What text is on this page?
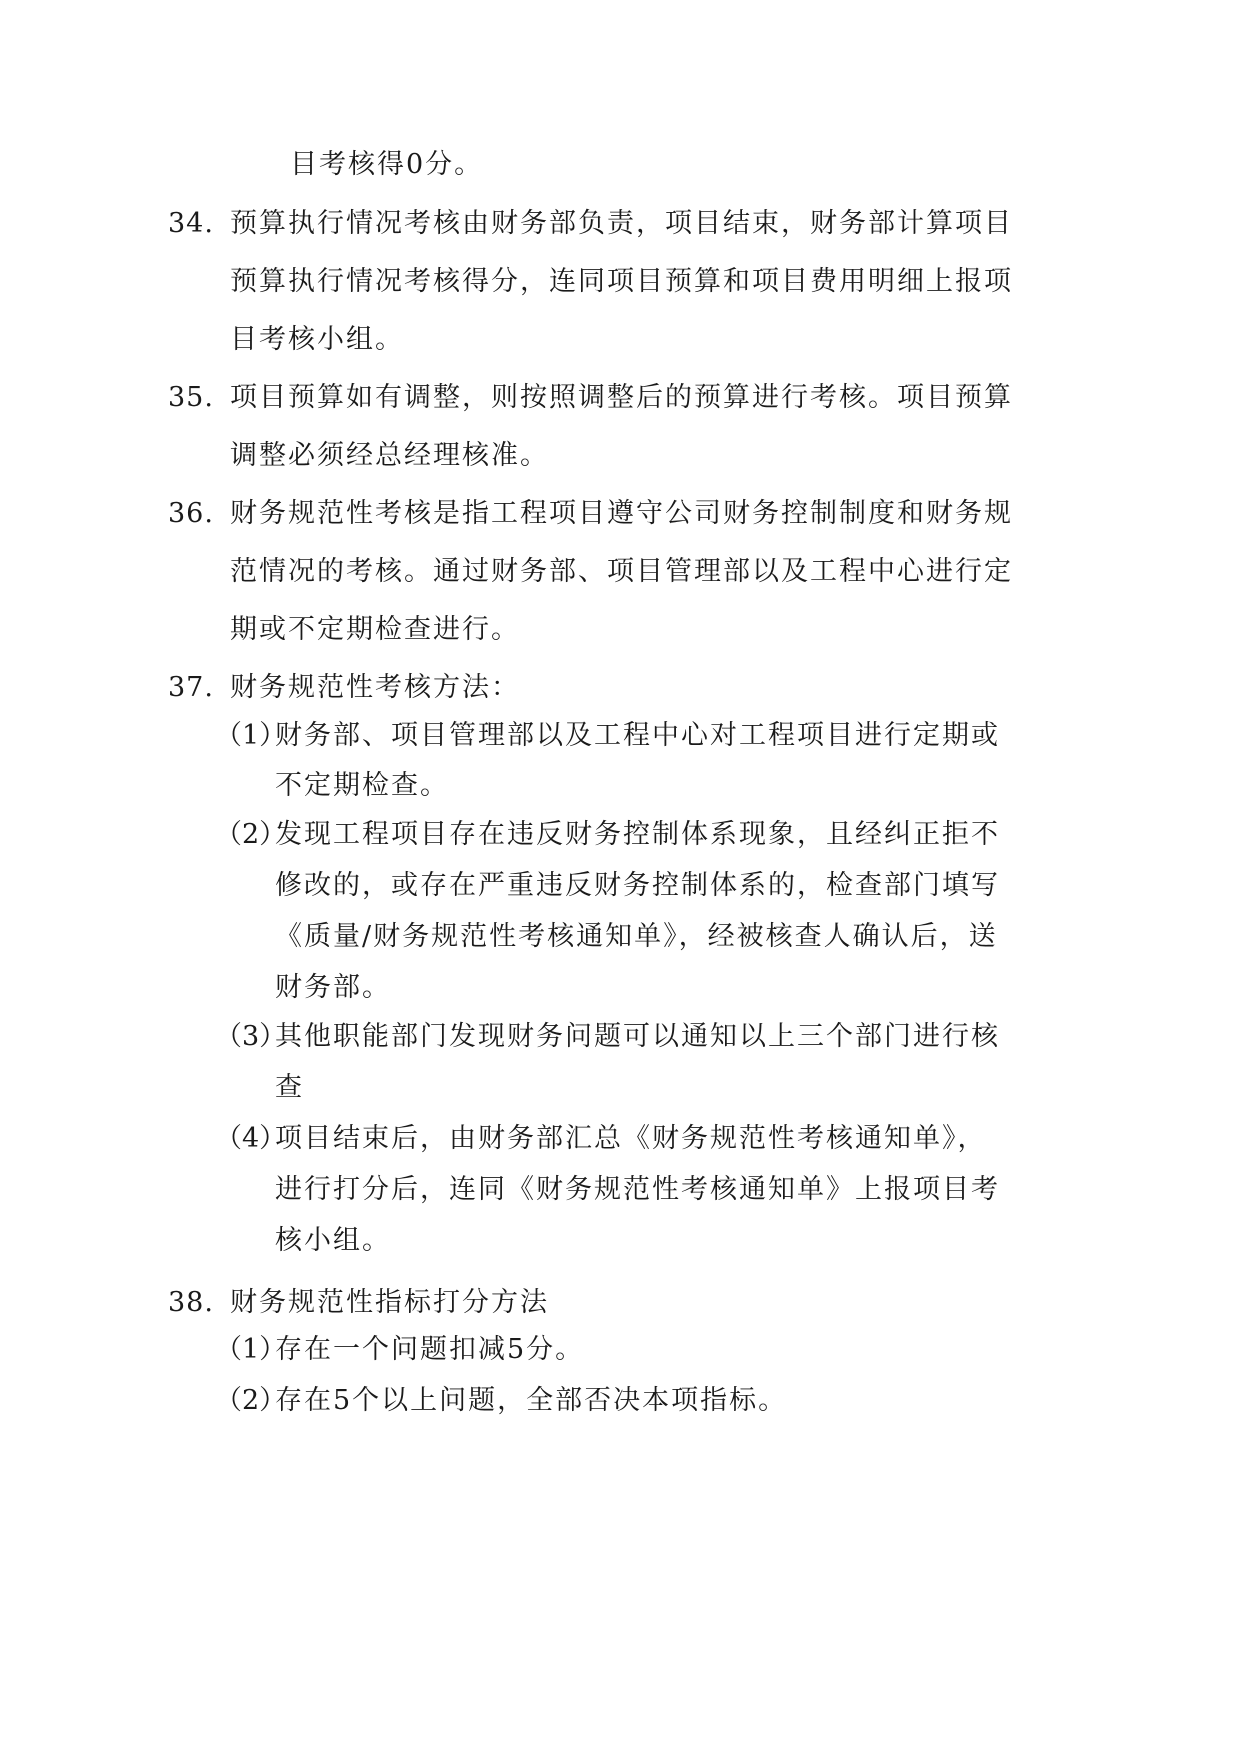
目考核得0分。
34. 预算执行情况考核由财务部负责，项目结束，财务部计算项目
预算执行情况考核得分，连同项目预算和项目费用明细上报项
目考核小组。
35. 项目预算如有调整，则按照调整后的预算进行考核。项目预算
调整必须经总经理核准。
36. 财务规范性考核是指工程项目遵守公司财务控制制度和财务规
范情况的考核。通过财务部、项目管理部以及工程中心进行定
期或不定期检查进行。
37. 财务规范性考核方法：
（1）
财务部、项目管理部以及工程中心对工程项目进行定期或
不定期检查。
（2）
发现工程项目存在违反财务控制体系现象，且经纠正拒不
修改的，或存在严重违反财务控制体系的，检查部门填写
《质量/财务规范性考核通知单》，经被核查人确认后，送
财务部。
（3）
其他职能部门发现财务问题可以通知以上三个部门进行核
查
（4）
项目结束后，由财务部汇总《财务规范性考核通知单》，
进行打分后，连同《财务规范性考核通知单》上报项目考
核小组。
38. 财务规范性指标打分方法
（1）
存在一个问题扣减5分。
（2）
存在5个以上问题，全部否决本项指标。
